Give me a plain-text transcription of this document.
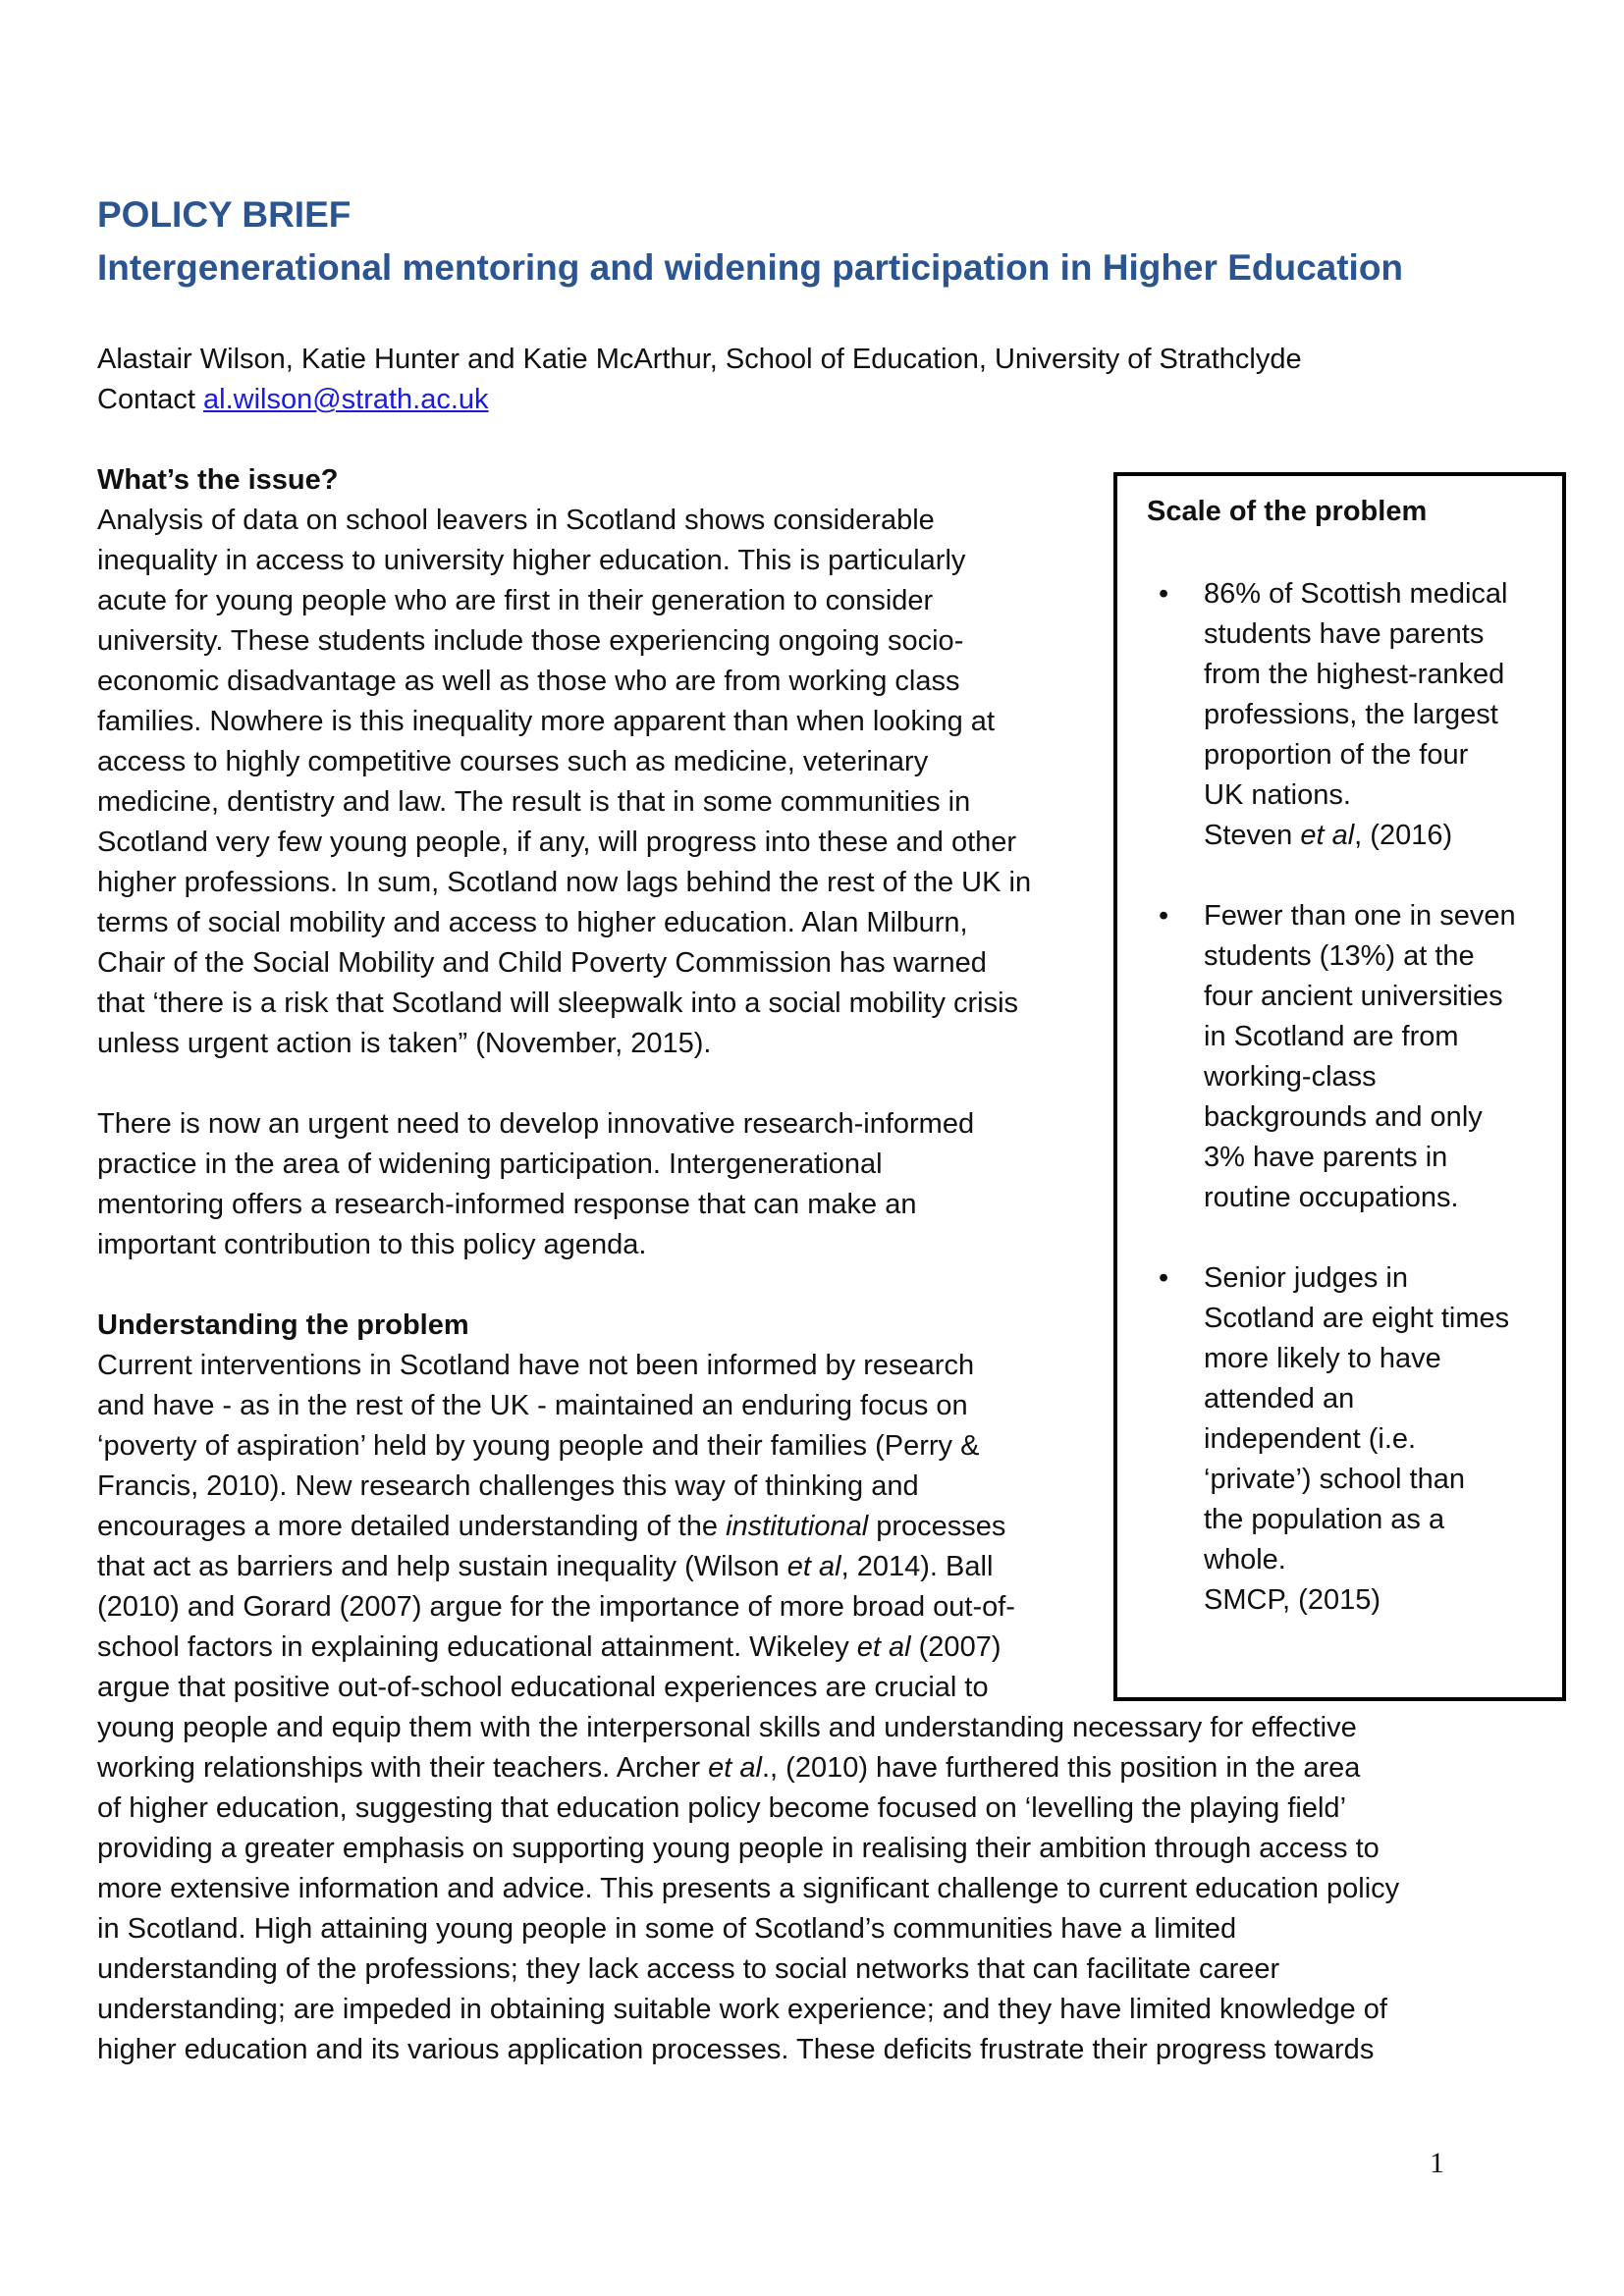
POLICY BRIEF
Intergenerational mentoring and widening participation in Higher Education
Alastair Wilson, Katie Hunter and Katie McArthur, School of Education, University of Strathclyde
Contact al.wilson@strath.ac.uk
What’s the issue?
Analysis of data on school leavers in Scotland shows considerable
inequality in access to university higher education. This is particularly
acute for young people who are first in their generation to consider
university. These students include those experiencing ongoing socio-
economic disadvantage as well as those who are from working class
families. Nowhere is this inequality more apparent than when looking at
access to highly competitive courses such as medicine, veterinary
medicine, dentistry and law. The result is that in some communities in
Scotland very few young people, if any, will progress into these and other
higher professions. In sum, Scotland now lags behind the rest of the UK in
terms of social mobility and access to higher education. Alan Milburn,
Chair of the Social Mobility and Child Poverty Commission has warned
that ‘there is a risk that Scotland will sleepwalk into a social mobility crisis
unless urgent action is taken” (November, 2015).
There is now an urgent need to develop innovative research-informed
practice in the area of widening participation. Intergenerational
mentoring offers a research-informed response that can make an
important contribution to this policy agenda.
Understanding the problem
Current interventions in Scotland have not been informed by research
and have - as in the rest of the UK - maintained an enduring focus on
‘poverty of aspiration’ held by young people and their families (Perry &
Francis, 2010). New research challenges this way of thinking and
encourages a more detailed understanding of the institutional processes
that act as barriers and help sustain inequality (Wilson et al, 2014). Ball
(2010) and Gorard (2007) argue for the importance of more broad out-of-
school factors in explaining educational attainment. Wikeley et al (2007)
argue that positive out-of-school educational experiences are crucial to
young people and equip them with the interpersonal skills and understanding necessary for effective
working relationships with their teachers. Archer et al., (2010) have furthered this position in the area
of higher education, suggesting that education policy become focused on ‘levelling the playing field’
providing a greater emphasis on supporting young people in realising their ambition through access to
more extensive information and advice. This presents a significant challenge to current education policy
in Scotland. High attaining young people in some of Scotland’s communities have a limited
understanding of the professions; they lack access to social networks that can facilitate career
understanding; are impeded in obtaining suitable work experience; and they have limited knowledge of
higher education and its various application processes. These deficits frustrate their progress towards
Scale of the problem
• 86% of Scottish medical
students have parents
from the highest-ranked
professions, the largest
proportion of the four
UK nations.
Steven et al, (2016)
• Fewer than one in seven
students (13%) at the
four ancient universities
in Scotland are from
working-class
backgrounds and only
3% have parents in
routine occupations.
• Senior judges in
Scotland are eight times
more likely to have
attended an
independent (i.e.
‘private’) school than
the population as a
whole.
SMCP, (2015)
1
